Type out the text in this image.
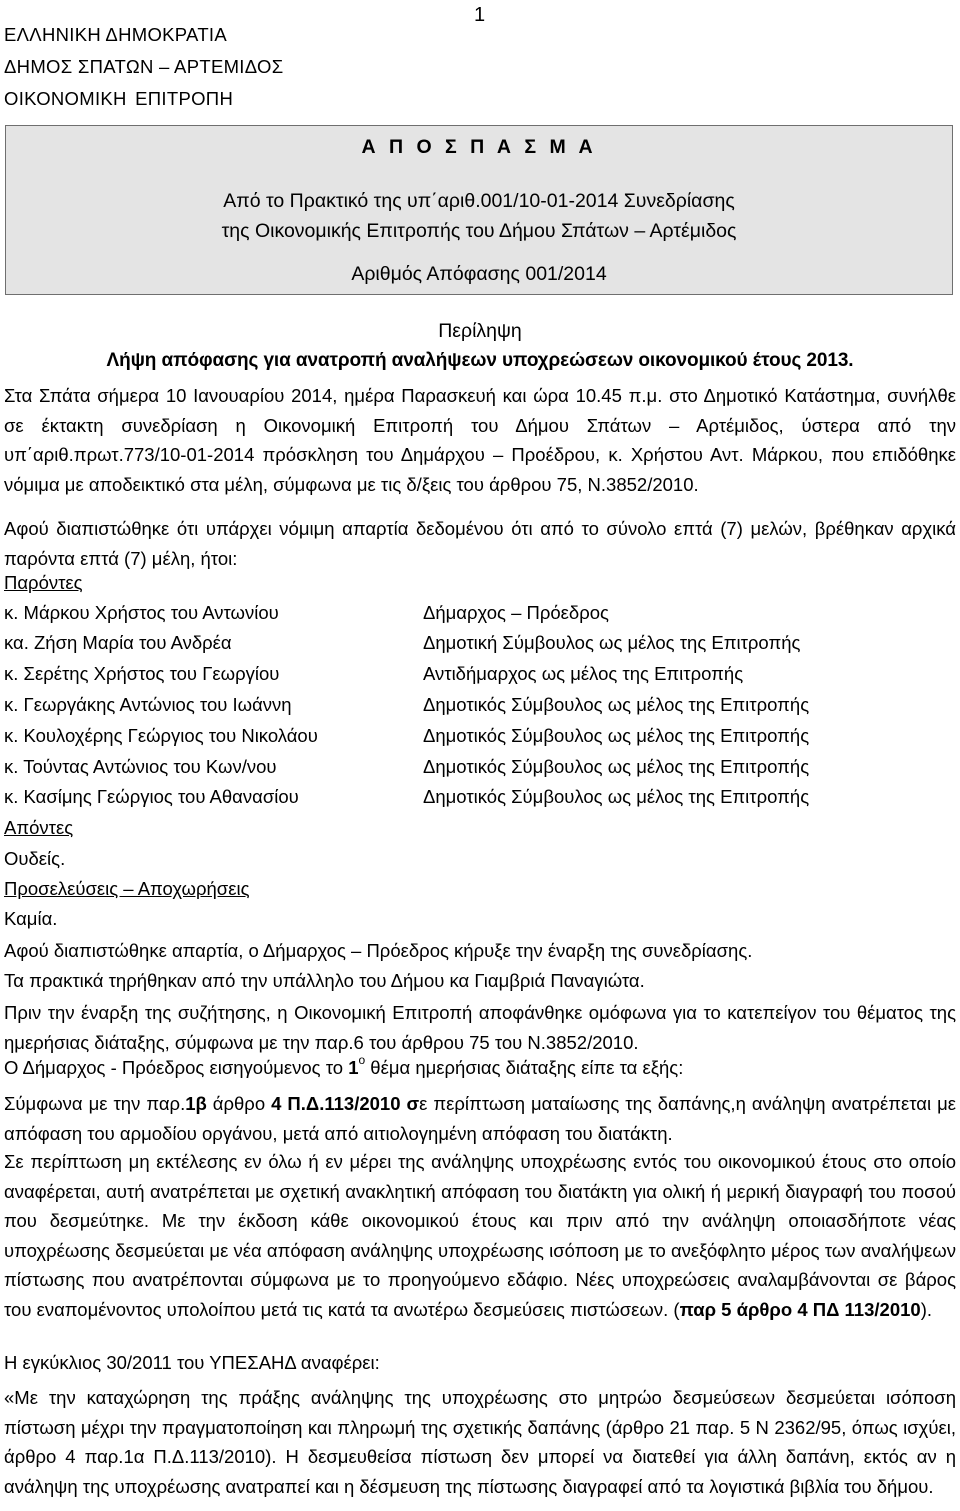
1
ΕΛΛΗΝΙΚΗ ΔΗΜΟΚΡΑΤΙΑ
ΔΗΜΟΣ ΣΠΑΤΩΝ – ΑΡΤΕΜΙΔΟΣ
ΟΙΚΟΝΟΜΙΚΗ ΕΠΙΤΡΟΠΗ
Α Π Ο Σ Π Α Σ Μ Α
Από το Πρακτικό της υπ΄αριθ.001/10-01-2014 Συνεδρίασης
της Οικονομικής Επιτροπής του Δήμου Σπάτων – Αρτέμιδος
Αριθμός Απόφασης 001/2014
Περίληψη
Λήψη απόφασης για ανατροπή αναλήψεων υποχρεώσεων οικονομικού έτους 2013.
Στα Σπάτα σήμερα 10 Ιανουαρίου 2014, ημέρα Παρασκευή και ώρα 10.45 π.μ. στο Δημοτικό Κατάστημα, συνήλθε σε έκτακτη συνεδρίαση η Οικονομική Επιτροπή του Δήμου Σπάτων – Αρτέμιδος, ύστερα από την υπ΄αριθ.πρωτ.773/10-01-2014 πρόσκληση του Δημάρχου – Προέδρου, κ. Χρήστου Αντ. Μάρκου, που επιδόθηκε νόμιμα με αποδεικτικό στα μέλη, σύμφωνα με τις δ/ξεις του άρθρου 75, Ν.3852/2010.
Αφού διαπιστώθηκε ότι υπάρχει νόμιμη απαρτία δεδομένου ότι από το σύνολο επτά (7) μελών, βρέθηκαν αρχικά παρόντα επτά (7) μέλη, ήτοι:
Παρόντες
κ. Μάρκου Χρήστος του Αντωνίου	Δήμαρχος – Πρόεδρος
κα. Ζήση Μαρία του Ανδρέα	Δημοτική Σύμβουλος ως μέλος της Επιτροπής
κ. Σερέτης Χρήστος του Γεωργίου	Αντιδήμαρχος ως μέλος της Επιτροπής
κ. Γεωργάκης Αντώνιος του Ιωάννη	Δημοτικός Σύμβουλος ως μέλος της Επιτροπής
κ. Κουλοχέρης Γεώργιος του Νικολάου	Δημοτικός Σύμβουλος ως μέλος της Επιτροπής
κ. Τούντας Αντώνιος του Κων/νου	Δημοτικός Σύμβουλος ως μέλος της Επιτροπής
κ. Κασίμης Γεώργιος του Αθανασίου	Δημοτικός Σύμβουλος ως μέλος της Επιτροπής
Απόντες
Ουδείς.
Προσελεύσεις – Αποχωρήσεις
Καμία.
Αφού διαπιστώθηκε απαρτία, ο Δήμαρχος – Πρόεδρος κήρυξε την έναρξη της συνεδρίασης.
Τα πρακτικά τηρήθηκαν από την υπάλληλο του Δήμου κα Γιαμβριά Παναγιώτα.
Πριν την έναρξη της συζήτησης, η Οικονομική Επιτροπή αποφάνθηκε ομόφωνα για το κατεπείγον του θέματος της ημερήσιας διάταξης, σύμφωνα με την παρ.6 του άρθρου 75 του Ν.3852/2010.
Ο Δήμαρχος - Πρόεδρος εισηγούμενος το $1^o$ θέμα ημερήσιας διάταξης είπε τα εξής:
Σύμφωνα με την παρ.1β άρθρο 4 Π.Δ.113/2010 σε περίπτωση ματαίωσης της δαπάνης,η ανάληψη ανατρέπεται με απόφαση του αρμοδίου οργάνου, μετά από αιτιολογημένη απόφαση του διατάκτη.
Σε περίπτωση μη εκτέλεσης εν όλω ή εν μέρει της ανάληψης υποχρέωσης εντός του οικονομικού έτους στο οποίο αναφέρεται, αυτή ανατρέπεται με σχετική ανακλητική απόφαση του διατάκτη για ολική ή μερική διαγραφή του ποσού που δεσμεύτηκε. Με την έκδοση κάθε οικονομικού έτους και πριν από την ανάληψη οποιασδήποτε νέας υποχρέωσης δεσμεύεται με νέα απόφαση ανάληψης υποχρέωσης ισόποση με το ανεξόφλητο μέρος των αναλήψεων πίστωσης που ανατρέπονται σύμφωνα με το προηγούμενο εδάφιο. Νέες υποχρεώσεις αναλαμβάνονται σε βάρος του εναπομένοντος υπολοίπου μετά τις κατά τα ανωτέρω δεσμεύσεις πιστώσεων. (παρ 5 άρθρο 4 ΠΔ 113/2010).
Η εγκύκλιος 30/2011 του ΥΠΕΣΑΗΔ αναφέρει:
«Με την καταχώρηση της πράξης ανάληψης της υποχρέωσης στο μητρώο δεσμεύσεων δεσμεύεται ισόποση πίστωση μέχρι την πραγματοποίηση και πληρωμή της σχετικής δαπάνης (άρθρο 21 παρ. 5 Ν 2362/95, όπως ισχύει, άρθρο 4 παρ.1α Π.Δ.113/2010). Η δεσμευθείσα πίστωση δεν μπορεί να διατεθεί για άλλη δαπάνη, εκτός αν η ανάληψη της υποχρέωσης ανατραπεί και η δέσμευση της πίστωσης διαγραφεί από τα λογιστικά βιβλία του δήμου.
